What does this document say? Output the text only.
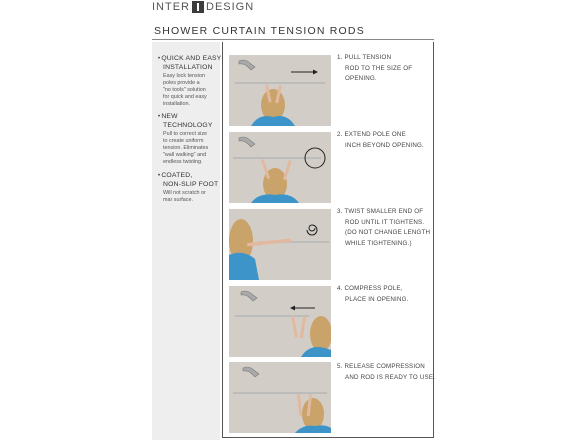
INTER DESIGN
SHOWER CURTAIN TENSION RODS
•QUICK AND EASY
INSTALLATION
Easy lock tension
poles provide a
"no tools" solution
for quick and easy
installation.
•NEW
TECHNOLOGY
Pull to correct size
to create uniform
tension. Eliminates
"wall walking" and
endless twisting.
•COATED,
NON-SLIP FOOT
Will not scratch or
mar surface.
1. PULL TENSION
ROD TO THE SIZE OF
OPENING.
2. EXTEND POLE ONE
INCH BEYOND OPENING.
3. TWIST SMALLER END OF
ROD UNTIL IT TIGHTENS.
(DO NOT CHANGE LENGTH
WHILE TIGHTENING.)
4. COMPRESS POLE,
PLACE IN OPENING.
5. RELEASE COMPRESSION
AND ROD IS READY TO USE.
